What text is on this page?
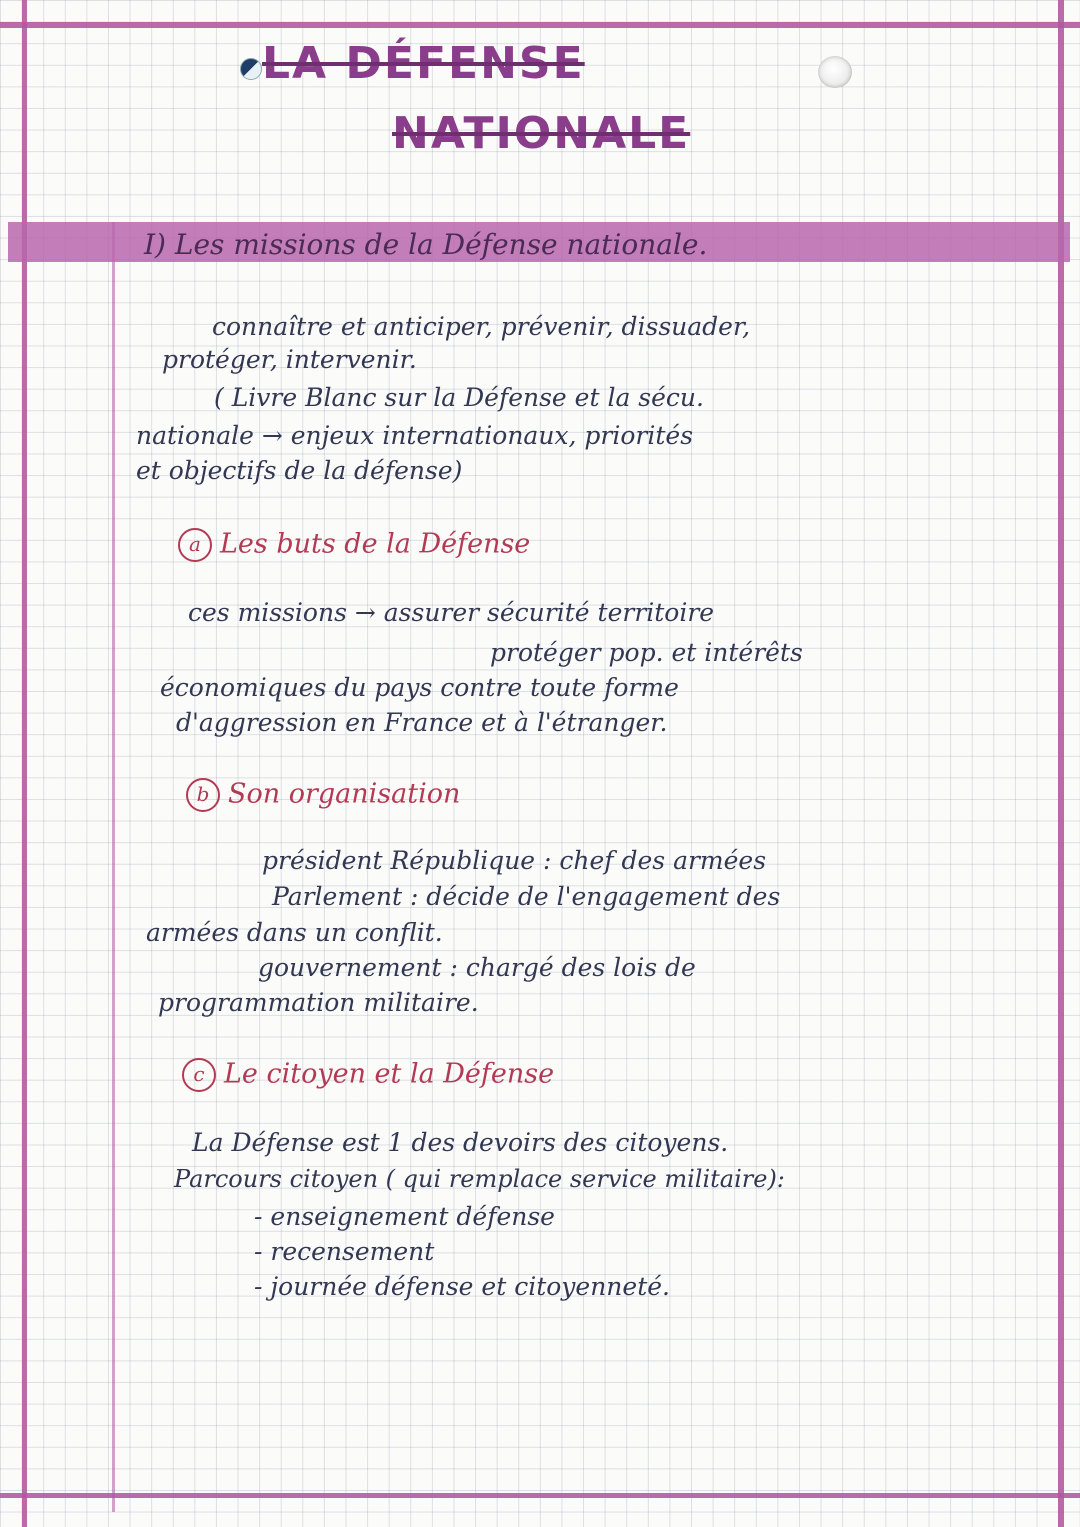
LA DÉFENSE
NATIONALE
I) Les missions de la Défense nationale.
connaître et anticiper, prévenir, dissuader,
protéger, intervenir.
( Livre Blanc sur la Défense et la sécu.
nationale → enjeux internationaux, priorités
et objectifs de la défense)
a Les buts de la Défense
ces missions → assurer sécurité territoire
protéger pop. et intérêts
économiques du pays contre toute forme
d'aggression en France et à l'étranger.
b Son organisation
président République : chef des armées
Parlement : décide de l'engagement des
armées dans un conflit.
gouvernement : chargé des lois de
programmation militaire.
c Le citoyen et la Défense
La Défense est 1 des devoirs des citoyens.
Parcours citoyen ( qui remplace service militaire):
- enseignement défense
- recensement
- journée défense et citoyenneté.
